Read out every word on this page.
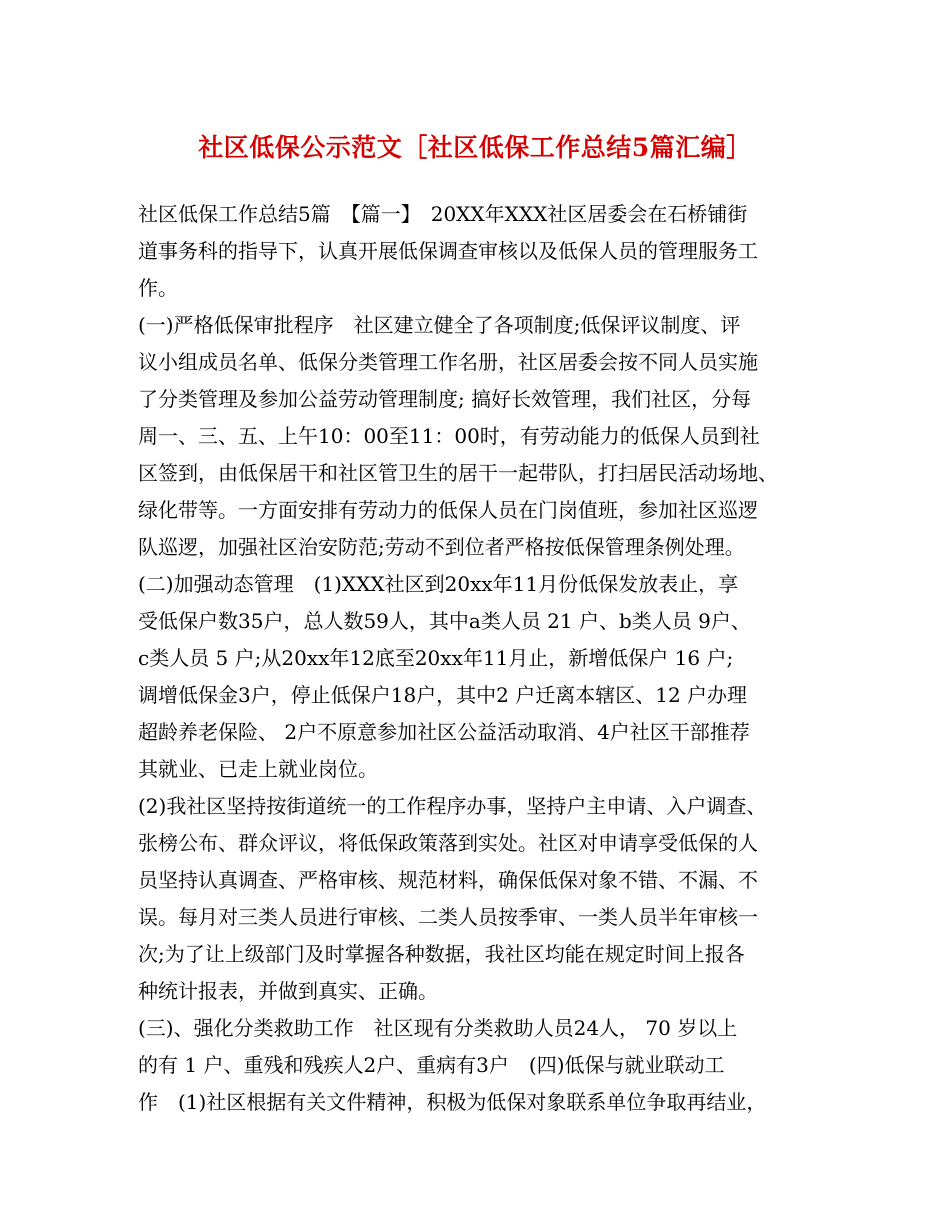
社区低保公示范文［社区低保工作总结5篇汇编］
社区低保工作总结5篇　【篇一】　20XX年XXX社区居委会在石桥铺街
道事务科的指导下，认真开展低保调查审核以及低保人员的管理服务工
作。
(一)严格低保审批程序　社区建立健全了各项制度;低保评议制度、评
议小组成员名单、低保分类管理工作名册，社区居委会按不同人员实施
了分类管理及参加公益劳动管理制度; 搞好长效管理，我们社区，分每
周一、三、五、上午10：00至11：00时，有劳动能力的低保人员到社
区签到，由低保居干和社区管卫生的居干一起带队，打扫居民活动场地、
绿化带等。一方面安排有劳动力的低保人员在门岗值班，参加社区巡逻
队巡逻，加强社区治安防范;劳动不到位者严格按低保管理条例处理。
(二)加强动态管理　(1)XXX社区到20xx年11月份低保发放表止，享
受低保户数35户，总人数59人，其中a类人员 21 户、b类人员 9户、
c类人员 5 户;从20xx年12底至20xx年11月止，新增低保户 16 户;
调增低保金3户，停止低保户18户，其中2 户迁离本辖区、12 户办理
超龄养老保险、 2户不原意参加社区公益活动取消、4户社区干部推荐
其就业、已走上就业岗位。
(2)我社区坚持按街道统一的工作程序办事，坚持户主申请、入户调查、
张榜公布、群众评议，将低保政策落到实处。社区对申请享受低保的人
员坚持认真调查、严格审核、规范材料，确保低保对象不错、不漏、不
误。每月对三类人员进行审核、二类人员按季审、一类人员半年审核一
次;为了让上级部门及时掌握各种数据，我社区均能在规定时间上报各
种统计报表，并做到真实、正确。
(三)、强化分类救助工作　社区现有分类救助人员24人， 70 岁以上
的有 1 户、重残和残疾人2户、重病有3户　(四)低保与就业联动工
作　(1)社区根据有关文件精神，积极为低保对象联系单位争取再结业，
